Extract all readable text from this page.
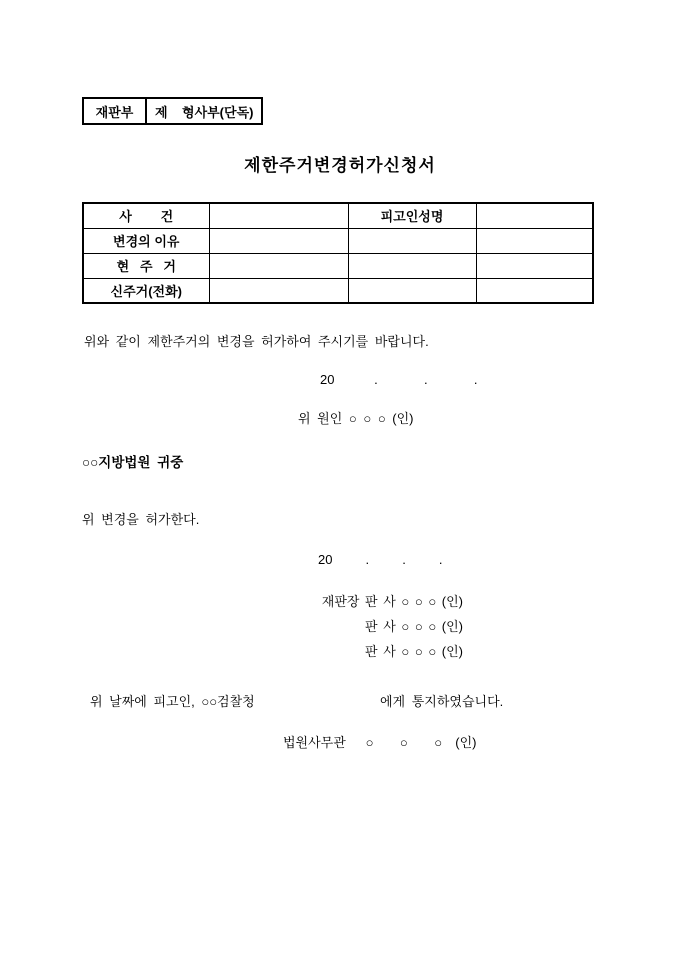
재판부	제    형사부(단독)
제한주거변경허가신청서
사        건		피고인성명	
변경의 이유			
현   주   거			
신주거(전화)			
위와 같이 제한주거의 변경을 허가하여 주시기를 바랍니다.
20      .       .       .
위 원인 ○ ○ ○ (인)
○○지방법원 귀중
위 변경을 허가한다.
20     .     .     .
재판장 판 사 ○ ○ ○ (인)
판 사 ○ ○ ○ (인)
판 사 ○ ○ ○ (인)
위 날짜에 피고인, ○○검찰청	에게 통지하였습니다.
법원사무관   ○    ○    ○  (인)
